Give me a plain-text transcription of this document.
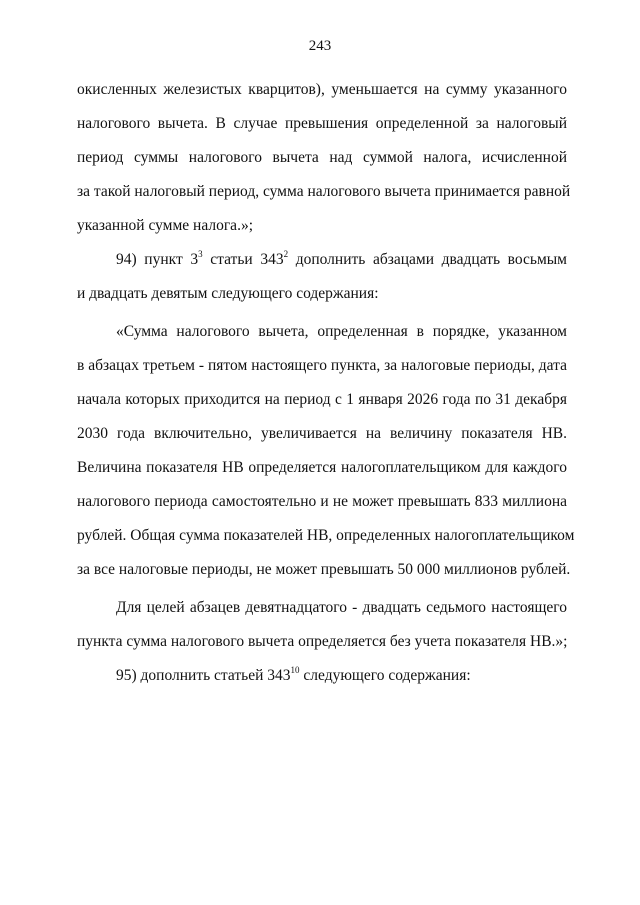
243
окисленных железистых кварцитов), уменьшается на сумму указанного
налогового вычета. В случае превышения определенной за налоговый
период суммы налогового вычета над суммой налога, исчисленной
за такой налоговый период, сумма налогового вычета принимается равной
указанной сумме налога.»;
94) пункт $3^3$ статьи $343^2$ дополнить абзацами двадцать восьмым
и двадцать девятым следующего содержания:
«Сумма налогового вычета, определенная в порядке, указанном
в абзацах третьем - пятом настоящего пункта, за налоговые периоды, дата
начала которых приходится на период с 1 января 2026 года по 31 декабря
2030 года включительно, увеличивается на величину показателя НВ.
Величина показателя НВ определяется налогоплательщиком для каждого
налогового периода самостоятельно и не может превышать 833 миллиона
рублей. Общая сумма показателей НВ, определенных налогоплательщиком
за все налоговые периоды, не может превышать 50 000 миллионов рублей.
Для целей абзацев девятнадцатого - двадцать седьмого настоящего
пункта сумма налогового вычета определяется без учета показателя НВ.»;
95) дополнить статьей $343^{10}$ следующего содержания:
